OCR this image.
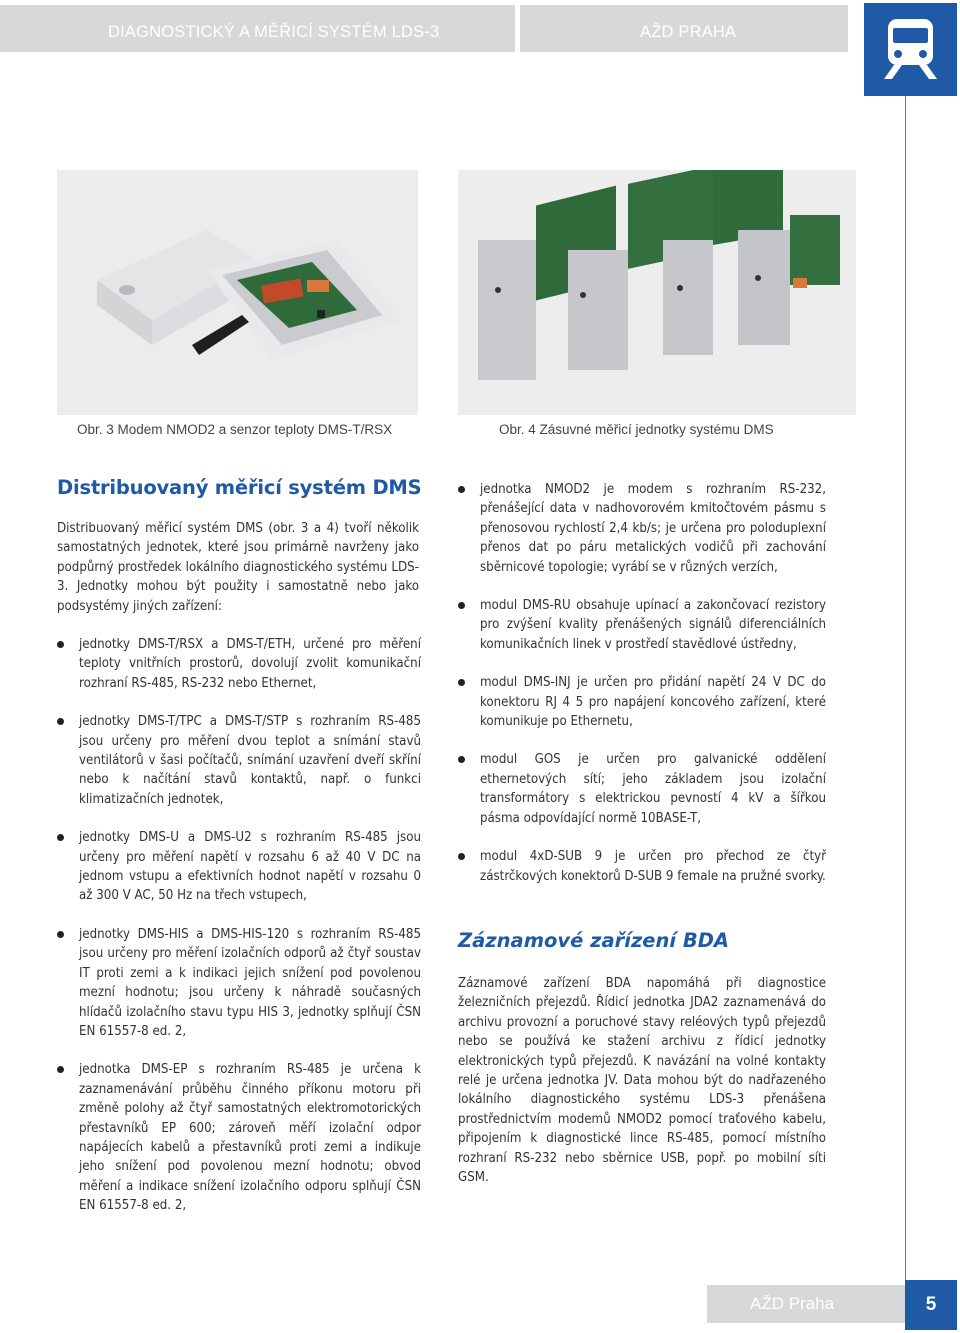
DIAGNOSTICKÝ A MĚŘICÍ SYSTÉM LDS-3	AŽD PRAHA
Obr. 3 Modem NMOD2 a senzor teploty DMS-T/RSX	Obr. 4 Zásuvné měřicí jednotky systému DMS
Distribuovaný měřicí systém DMS
Distribuovaný měřicí systém DMS (obr. 3 a 4) tvoří několik samostatných jednotek, které jsou primárně navrženy jako podpůrný prostředek lokálního diagnostického systému LDS-3. Jednotky mohou být použity i samostatně nebo jako podsystémy jiných zařízení:
jednotky DMS-T/RSX a DMS-T/ETH, určené pro měření teploty vnitřních prostorů, dovolují zvolit komunikační rozhraní RS-485, RS-232 nebo Ethernet,
jednotky DMS-T/TPC a DMS-T/STP s rozhraním RS-485 jsou určeny pro měření dvou teplot a snímání stavů ventilátorů v šasi počítačů, snímání uzavření dveří skříní nebo k načítání stavů kontaktů, např. o funkci klimatizačních jednotek,
jednotky DMS-U a DMS-U2 s rozhraním RS-485 jsou určeny pro měření napětí v rozsahu 6 až 40 V DC na jednom vstupu a efektivních hodnot napětí v rozsahu 0 až 300 V AC, 50 Hz na třech vstupech,
jednotky DMS-HIS a DMS-HIS-120 s rozhraním RS-485 jsou určeny pro měření izolačních odporů až čtyř soustav IT proti zemi a k indikaci jejich snížení pod povolenou mezní hodnotu; jsou určeny k náhradě současných hlídačů izolačního stavu typu HIS 3, jednotky splňují ČSN EN 61557-8 ed. 2,
jednotka DMS-EP s rozhraním RS-485 je určena k zaznamenávání průběhu činného příkonu motoru při změně polohy až čtyř samostatných elektromotorických přestavníků EP 600; zároveň měří izolační odpor napájecích kabelů a přestavníků proti zemi a indikuje jeho snížení pod povolenou mezní hodnotu; obvod měření a indikace snížení izolačního odporu splňují ČSN EN 61557-8 ed. 2,
jednotka NMOD2 je modem s rozhraním RS-232, přenášející data v nadhovorovém kmitočtovém pásmu s přenosovou rychlostí 2,4 kb/s; je určena pro poloduplexní přenos dat po páru metalických vodičů při zachování sběrnicové topologie; vyrábí se v různých verzích,
modul DMS-RU obsahuje upínací a zakončovací rezistory pro zvýšení kvality přenášených signálů diferenciálních komunikačních linek v prostředí stavědlové ústředny,
modul DMS-INJ je určen pro přidání napětí 24 V DC do konektoru RJ 4 5 pro napájení koncového zařízení, které komunikuje po Ethernetu,
modul GOS je určen pro galvanické oddělení ethernetových sítí; jeho základem jsou izolační transformátory s elektrickou pevností 4 kV a šířkou pásma odpovídající normě 10BASE-T,
modul 4xD-SUB 9 je určen pro přechod ze čtyř zástrčkových konektorů D-SUB 9 female na pružné svorky.
Záznamové zařízení BDA
Záznamové zařízení BDA napomáhá při diagnostice železničních přejezdů. Řídicí jednotka JDA2 zaznamenává do archivu provozní a poruchové stavy reléových typů přejezdů nebo se používá ke stažení archivu z řídicí jednotky elektronických typů přejezdů. K navázání na volné kontakty relé je určena jednotka JV. Data mohou být do nadřazeného lokálního diagnostického systému LDS-3 přenášena prostřednictvím modemů NMOD2 pomocí traťového kabelu, připojením k diagnostické lince RS-485, pomocí místního rozhraní RS-232 nebo sběrnice USB, popř. po mobilní síti GSM.
AŽD Praha	5
